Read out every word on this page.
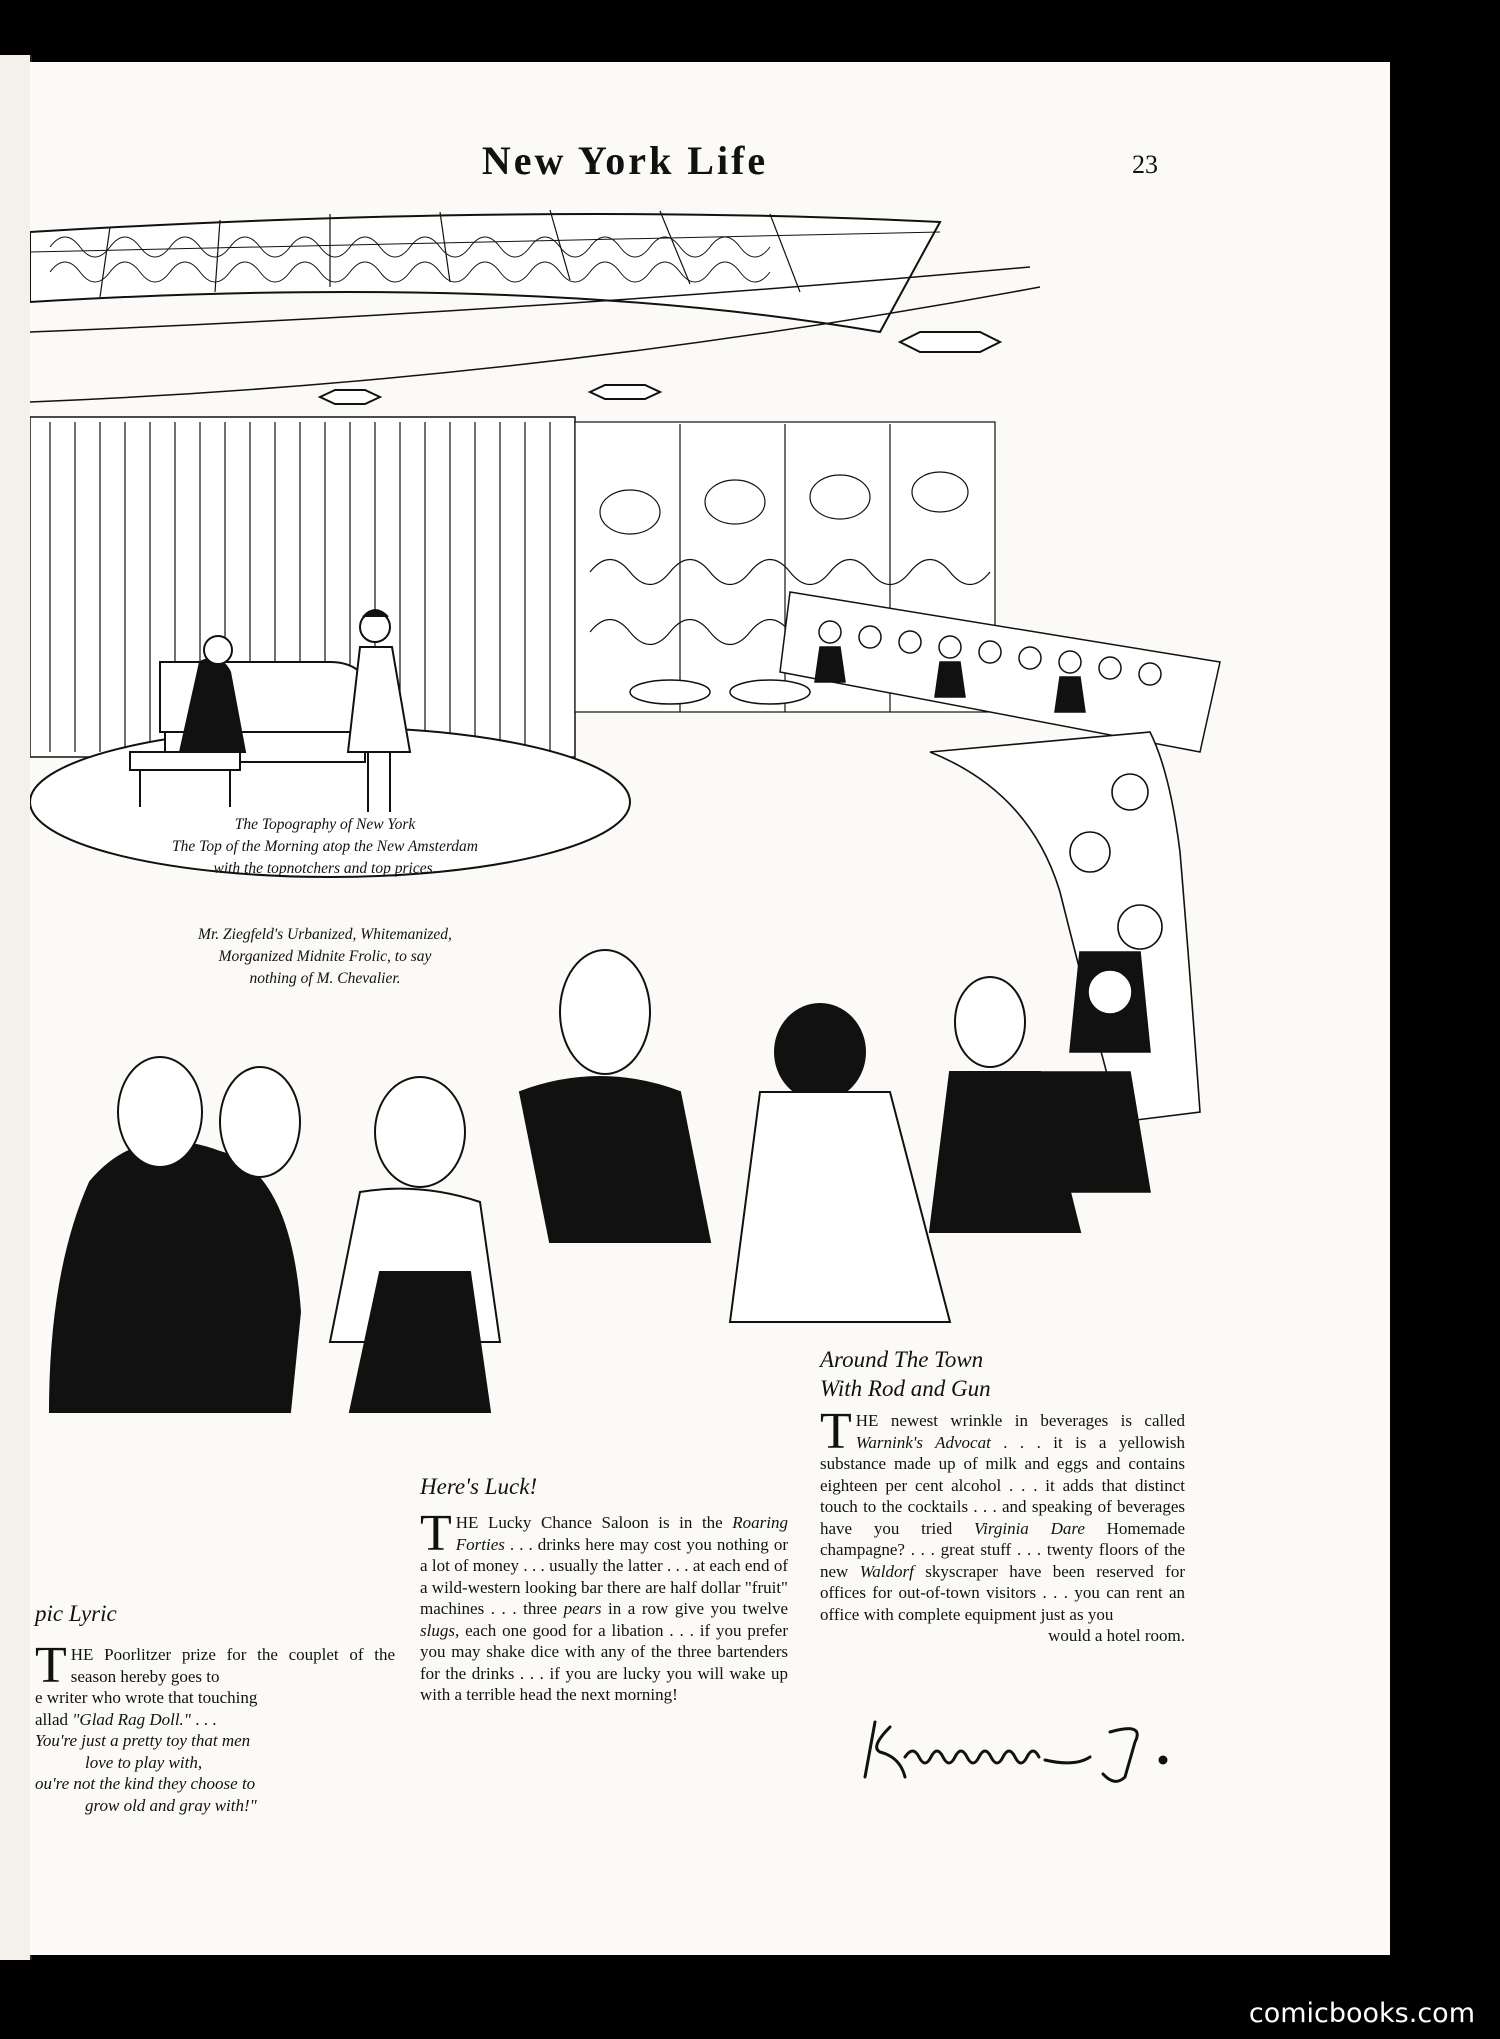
New York Life	23
The Topography of New York
The Top of the Morning atop the New Amsterdam
with the topnotchers and top prices.
Mr. Ziegfeld's Urbanized, Whitemanized,
Morganized Midnite Frolic, to say
nothing of M. Chevalier.
pic Lyric

THE Poorlitzer prize for the couplet of the season hereby goes to

e writer who wrote that touching

allad "Glad Rag Doll." . . .

You're just a pretty toy that men

love to play with,

ou're not the kind they choose to

grow old and gray with!"

Here's Luck!

THE Lucky Chance Saloon is in the Roaring Forties . . . drinks here may cost you nothing or a lot of money . . . usually the latter . . . at each end of a wild-western looking bar there are half dollar "fruit" machines . . . three pears in a row give you twelve slugs, each one good for a libation . . . if you prefer you may shake dice with any of the three bartenders for the drinks . . . if you are lucky you will wake up with a terrible head the next morning!

Around The Town
With Rod and Gun

THE newest wrinkle in beverages is called Warnink's Advocat . . . it is a yellowish substance made up of milk and eggs and contains eighteen per cent alcohol . . . it adds that distinct touch to the cocktails . . . and speaking of beverages have you tried Virginia Dare Homemade champagne? . . . great stuff . . . twenty floors of the new Waldorf skyscraper have been reserved for offices for out-of-town visitors . . . you can rent an office with complete equipment just as you

would a hotel room.

comicbooks.com
